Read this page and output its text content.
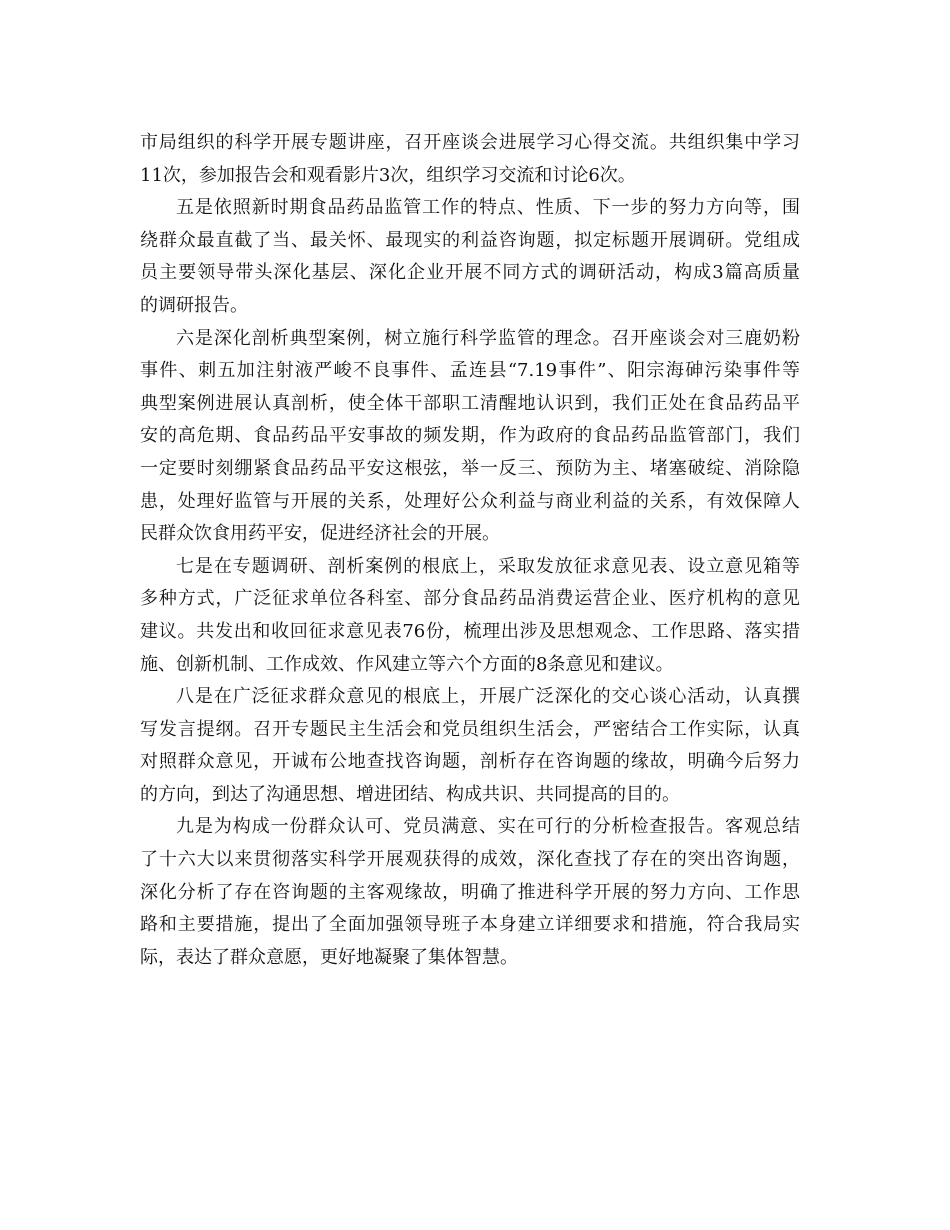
市局组织的科学开展专题讲座，召开座谈会进展学习心得交流。共组织集中学习
11次，参加报告会和观看影片3次，组织学习交流和讨论6次。
五是依照新时期食品药品监管工作的特点、性质、下一步的努力方向等，围
绕群众最直截了当、最关怀、最现实的利益咨询题，拟定标题开展调研。党组成
员主要领导带头深化基层、深化企业开展不同方式的调研活动，构成3篇高质量
的调研报告。
六是深化剖析典型案例，树立施行科学监管的理念。召开座谈会对三鹿奶粉
事件、刺五加注射液严峻不良事件、孟连县“7.19事件”、阳宗海砷污染事件等
典型案例进展认真剖析，使全体干部职工清醒地认识到，我们正处在食品药品平
安的高危期、食品药品平安事故的频发期，作为政府的食品药品监管部门，我们
一定要时刻绷紧食品药品平安这根弦，举一反三、预防为主、堵塞破绽、消除隐
患，处理好监管与开展的关系，处理好公众利益与商业利益的关系，有效保障人
民群众饮食用药平安，促进经济社会的开展。
七是在专题调研、剖析案例的根底上，采取发放征求意见表、设立意见箱等
多种方式，广泛征求单位各科室、部分食品药品消费运营企业、医疗机构的意见
建议。共发出和收回征求意见表76份，梳理出涉及思想观念、工作思路、落实措
施、创新机制、工作成效、作风建立等六个方面的8条意见和建议。
八是在广泛征求群众意见的根底上，开展广泛深化的交心谈心活动，认真撰
写发言提纲。召开专题民主生活会和党员组织生活会，严密结合工作实际，认真
对照群众意见，开诚布公地查找咨询题，剖析存在咨询题的缘故，明确今后努力
的方向，到达了沟通思想、增进团结、构成共识、共同提高的目的。
九是为构成一份群众认可、党员满意、实在可行的分析检查报告。客观总结
了十六大以来贯彻落实科学开展观获得的成效，深化查找了存在的突出咨询题，
深化分析了存在咨询题的主客观缘故，明确了推进科学开展的努力方向、工作思
路和主要措施，提出了全面加强领导班子本身建立详细要求和措施，符合我局实
际，表达了群众意愿，更好地凝聚了集体智慧。
